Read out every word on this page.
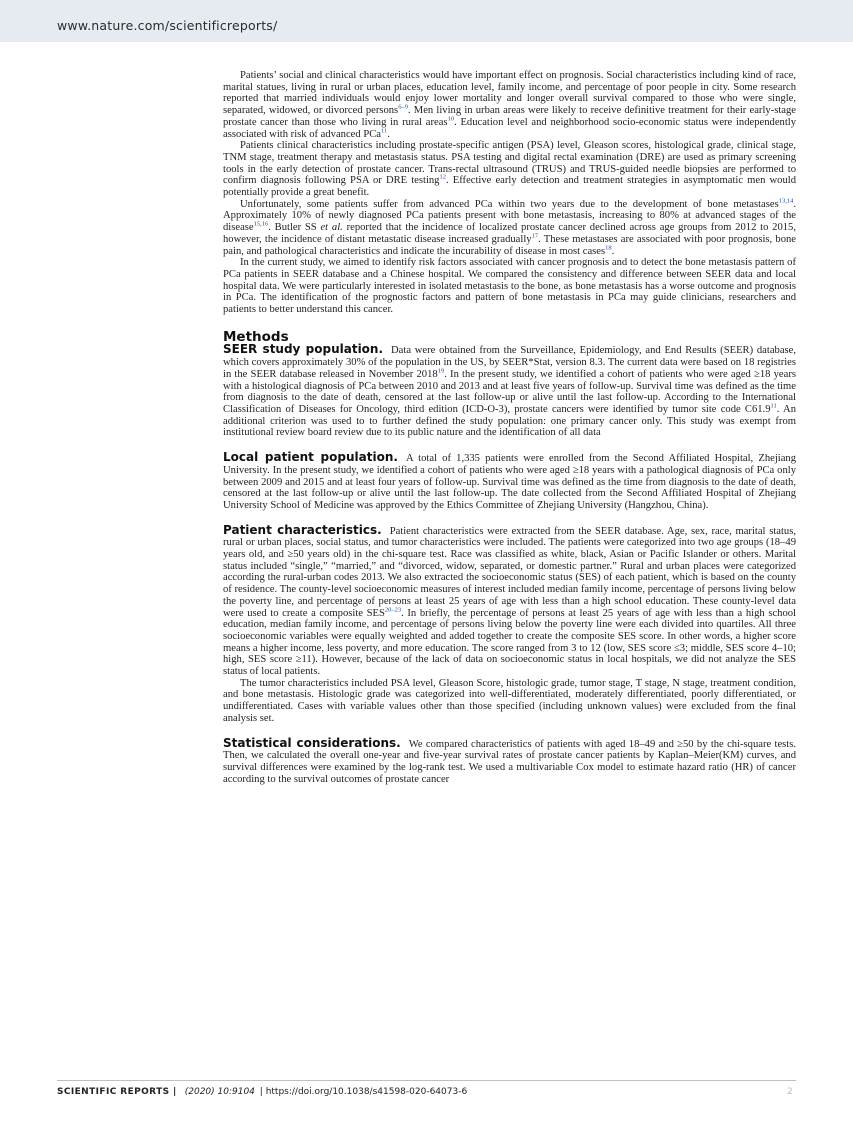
www.nature.com/scientificreports/

Patients’ social and clinical characteristics would have important effect on prognosis. Social characteristics including kind of race, marital statues, living in rural or urban places, education level, family income, and percentage of poor people in city. Some research reported that married individuals would enjoy lower mortality and longer overall survival compared to those who were single, separated, widowed, or divorced persons$^{6-9}$. Men living in urban areas were likely to receive definitive treatment for their early-stage prostate cancer than those who living in rural areas$^{10}$. Education level and neighborhood socio-economic status were independently associated with risk of advanced PCa$^{11}$.

Patients clinical characteristics including prostate-specific antigen (PSA) level, Gleason scores, histological grade, clinical stage, TNM stage, treatment therapy and metastasis status. PSA testing and digital rectal examination (DRE) are used as primary screening tools in the early detection of prostate cancer. Trans-rectal ultrasound (TRUS) and TRUS-guided needle biopsies are performed to confirm diagnosis following PSA or DRE testing$^{12}$. Effective early detection and treatment strategies in asymptomatic men would potentially provide a great benefit.

Unfortunately, some patients suffer from advanced PCa within two years due to the development of bone metastases$^{13,14}$. Approximately 10% of newly diagnosed PCa patients present with bone metastasis, increasing to 80% at advanced stages of the disease$^{15,16}$. Butler SS et al. reported that the incidence of localized prostate cancer declined across age groups from 2012 to 2015, however, the incidence of distant metastatic disease increased gradually$^{17}$. These metastases are associated with poor prognosis, bone pain, and pathological characteristics and indicate the incurability of disease in most cases$^{18}$.

In the current study, we aimed to identify risk factors associated with cancer prognosis and to detect the bone metastasis pattern of PCa patients in SEER database and a Chinese hospital. We compared the consistency and difference between SEER data and local hospital data. We were particularly interested in isolated metastasis to the bone, as bone metastasis has a worse outcome and prognosis in PCa. The identification of the prognostic factors and pattern of bone metastasis in PCa may guide clinicians, researchers and patients to better understand this cancer.

Methods

SEER study population. Data were obtained from the Surveillance, Epidemiology, and End Results (SEER) database, which covers approximately 30% of the population in the US, by SEER*Stat, version 8.3. The current data were based on 18 registries in the SEER database released in November 2018$^{19}$. In the present study, we identified a cohort of patients who were aged ≥18 years with a histological diagnosis of PCa between 2010 and 2013 and at least five years of follow-up. Survival time was defined as the time from diagnosis to the date of death, censored at the last follow-up or alive until the last follow-up. According to the International Classification of Diseases for Oncology, third edition (ICD-O-3), prostate cancers were identified by tumor site code C61.9$^{11}$. An additional criterion was used to to further defined the study population: one primary cancer only. This study was exempt from institutional review board review due to its public nature and the identification of all data

Local patient population. A total of 1,335 patients were enrolled from the Second Affiliated Hospital, Zhejiang University. In the present study, we identified a cohort of patients who were aged ≥18 years with a pathological diagnosis of PCa only between 2009 and 2015 and at least four years of follow-up. Survival time was defined as the time from diagnosis to the date of death, censored at the last follow-up or alive until the last follow-up. The date collected from the Second Affiliated Hospital of Zhejiang University School of Medicine was approved by the Ethics Committee of Zhejiang University (Hangzhou, China).

Patient characteristics. Patient characteristics were extracted from the SEER database. Age, sex, race, marital status, rural or urban places, social status, and tumor characteristics were included. The patients were categorized into two age groups (18–49 years old, and ≥50 years old) in the chi-square test. Race was classified as white, black, Asian or Pacific Islander or others. Marital status included “single,” “married,” and “divorced, widow, separated, or domestic partner.” Rural and urban places were categorized according the rural-urban codes 2013. We also extracted the socioeconomic status (SES) of each patient, which is based on the county of residence. The county-level socioeconomic measures of interest included median family income, percentage of persons living below the poverty line, and percentage of persons at least 25 years of age with less than a high school education. These county-level data were used to create a composite SES$^{20-23}$. In briefly, the percentage of persons at least 25 years of age with less than a high school education, median family income, and percentage of persons living below the poverty line were each divided into quartiles. All three socioeconomic variables were equally weighted and added together to create the composite SES score. In other words, a higher score means a higher income, less poverty, and more education. The score ranged from 3 to 12 (low, SES score ≤3; middle, SES score 4–10; high, SES score ≥11). However, because of the lack of data on socioeconomic status in local hospitals, we did not analyze the SES status of local patients.

The tumor characteristics included PSA level, Gleason Score, histologic grade, tumor stage, T stage, N stage, treatment condition, and bone metastasis. Histologic grade was categorized into well-differentiated, moderately differentiated, poorly differentiated, or undifferentiated. Cases with variable values other than those specified (including unknown values) were excluded from the final analysis set.

Statistical considerations. We compared characteristics of patients with aged 18–49 and ≥50 by the chi-square tests. Then, we calculated the overall one-year and five-year survival rates of prostate cancer patients by Kaplan–Meier(KM) curves, and survival differences were examined by the log-rank test. We used a multivariable Cox model to estimate hazard ratio (HR) of cancer according to the survival outcomes of prostate cancer

SCIENTIFIC REPORTS | (2020) 10:9104 | https://doi.org/10.1038/s41598-020-64073-6	2
